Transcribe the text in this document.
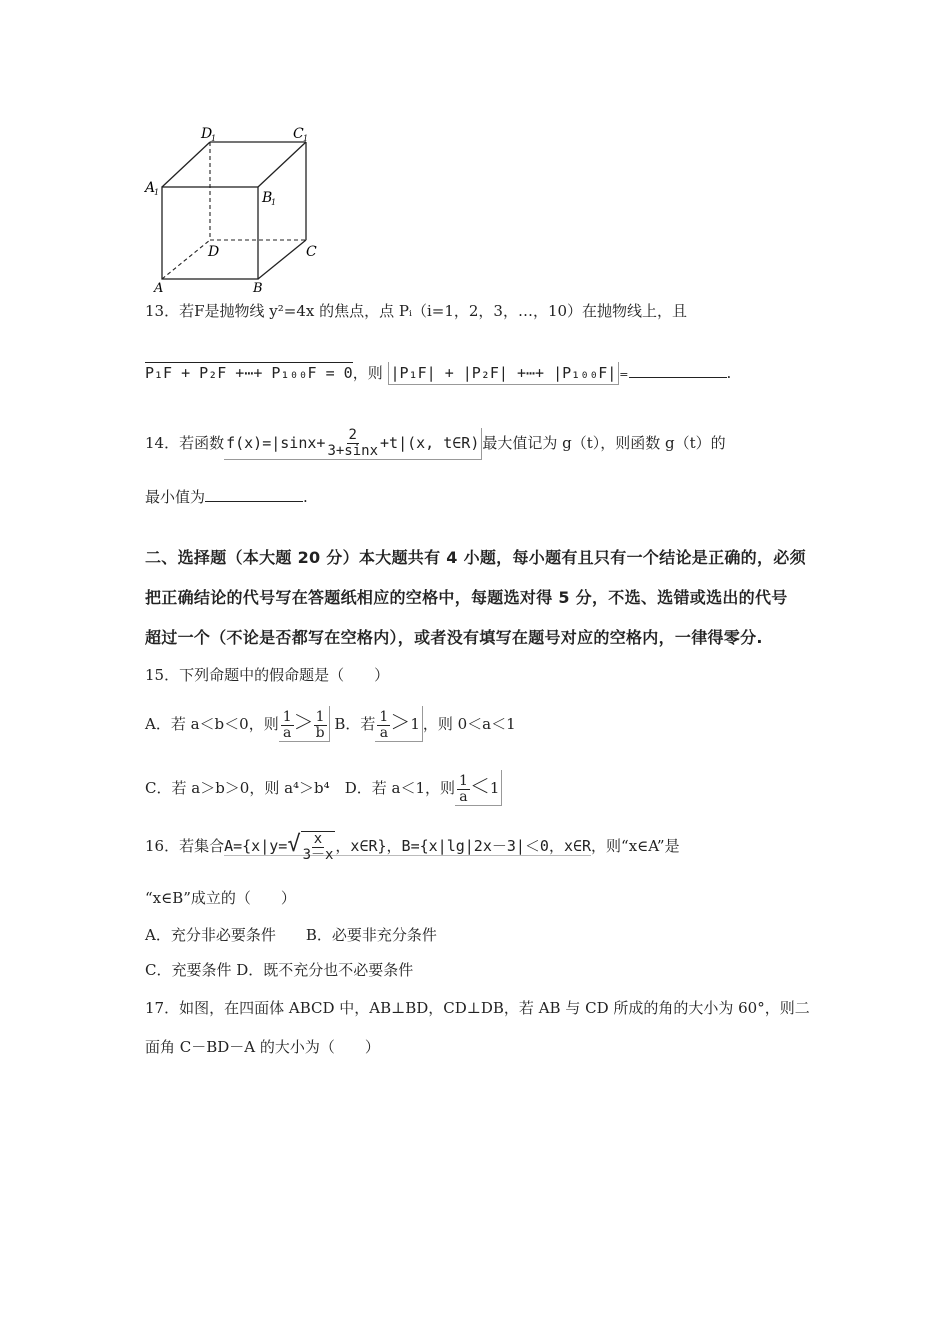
D
1	C 1
A
1	B
1
D	C
A	B
13．若F是抛物线 y²=4x 的焦点，点 Pᵢ（i=1，2，3，…，10）在抛物线上，且
P₁F + P₂F +⋯+ P₁₀₀F = 0，则 |P₁F| + |P₂F| +⋯+ |P₁₀₀F| =	.
14．若函数 $f(x)=|\sin x+ \frac{2}{3+\sin x} +t|(x$, t∈R) 最大值记为 g（t），则函数 g（t）的
最小值为	.
二、选择题（本大题 20 分）本大题共有 4 小题，每小题有且只有一个结论是正确的，必须
把正确结论的代号写在答题纸相应的空格中，每题选对得 5 分，不选、选错或选出的代号
超过一个（不论是否都写在空格内），或者没有填写在题号对应的空格内，一律得零分.
15．下列命题中的假命题是（　　）
A．若 a＜b＜0，则 $\frac{1}{a} > \frac{1}{b}$ B．若 $\frac{1}{a} >1$ ，则 0＜a＜1
C．若 a＞b＞0，则 a⁴＞b⁴　 D．若 a＜1，则 $\frac{1}{a} <1$
16．若集合$A=\{x|y=√ \frac{x}{3-x}$ ，x∈R}，B={x|lg|2x－3|＜0，x∈R，则“x∈A”是
“x∈B”成立的（　　）
A．充分非必要条件　　B．必要非充分条件
C．充要条件 D．既不充分也不必要条件
17．如图，在四面体 ABCD 中，AB⊥BD，CD⊥DB，若 AB 与 CD 所成的角的大小为 60°，则二
面角 C－BD－A 的大小为（　　）
